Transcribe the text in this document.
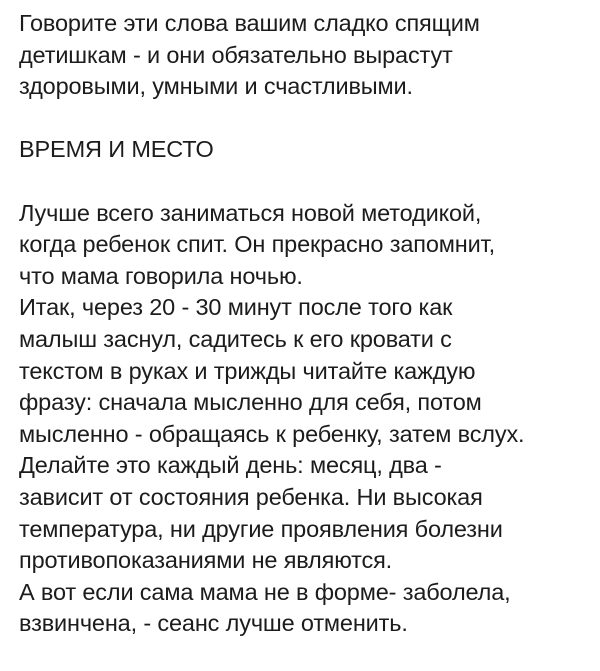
Говорите эти слова вашим сладко спящим
детишкам - и они обязательно вырастут
здоровыми, умными и счастливыми.

ВРЕМЯ И МЕСТО

Лучше всего заниматься новой методикой,
когда ребенок спит. Он прекрасно запомнит,
что мама говорила ночью.
Итак, через 20 - 30 минут после того как
малыш заснул, садитесь к его кровати с
текстом в руках и трижды читайте каждую
фразу: сначала мысленно для себя, потом
мысленно - обращаясь к ребенку, затем вслух.
Делайте это каждый день: месяц, два -
зависит от состояния ребенка. Ни высокая
температура, ни другие проявления болезни
противопоказаниями не являются.
А вот если сама мама не в форме- заболела,
взвинчена, - сеанс лучше отменить.
